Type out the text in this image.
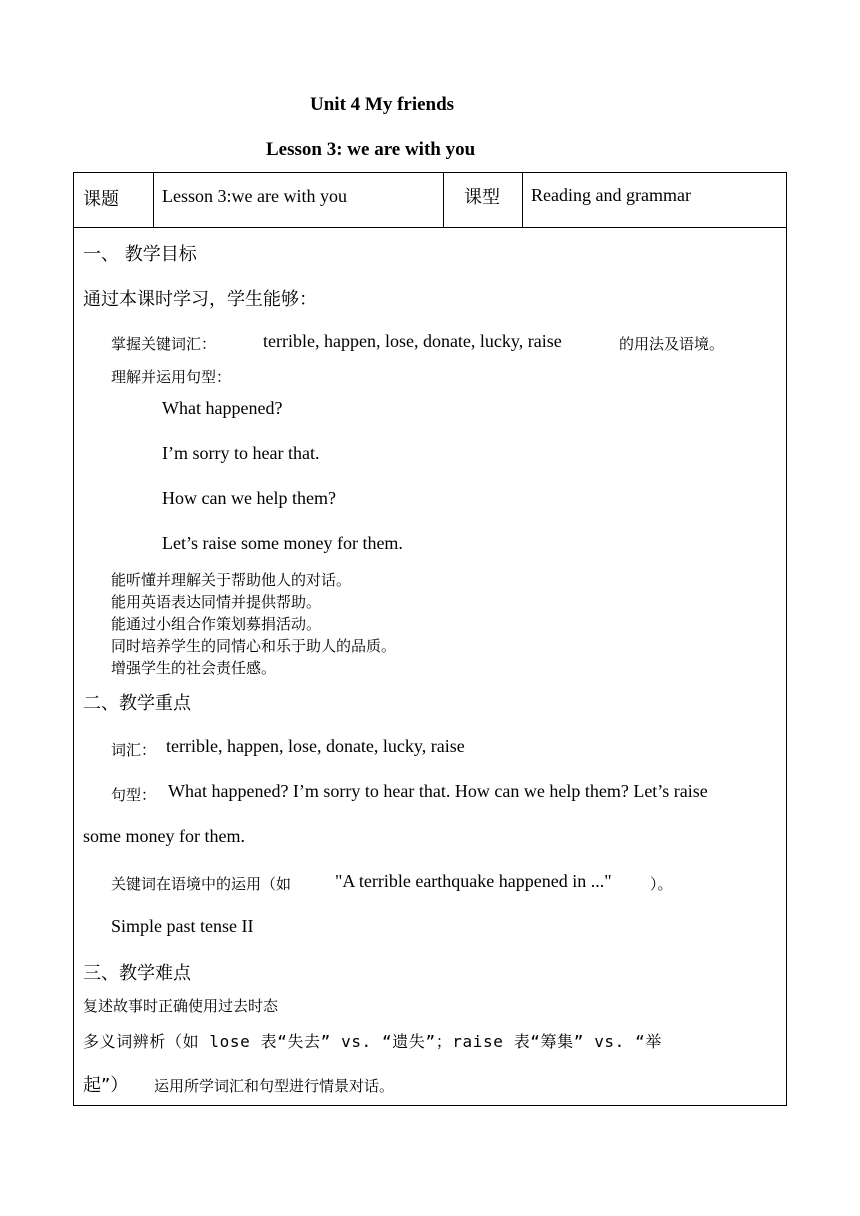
Unit 4 My friends
Lesson 3: we are with you
课题 Lesson 3:we are with you	课型 Reading and grammar
一、 教学目标
通过本课时学习，学生能够：
掌握关键词汇：	terrible, happen, lose, donate, lucky, raise	的用法及语境。
理解并运用句型：
What happened?
I’m sorry to hear that.
How can we help them?
Let’s raise some money for them.
能听懂并理解关于帮助他人的对话。
能用英语表达同情并提供帮助。
能通过小组合作策划募捐活动。
同时培养学生的同情心和乐于助人的品质。
增强学生的社会责任感。
二、教学重点
词汇： terrible, happen, lose, donate, lucky, raise
句型： What happened? I’m sorry to hear that. How can we help them? Let’s raise
some money for them.
关键词在语境中的运用（如 "A terrible earthquake happened in ..."	）。
Simple past tense II
三、教学难点
复述故事时正确使用过去时态
多义词辨析（如 lose 表“失去” vs. “遗失”；raise 表“筹集” vs. “举
起”） 运用所学词汇和句型进行情景对话。
